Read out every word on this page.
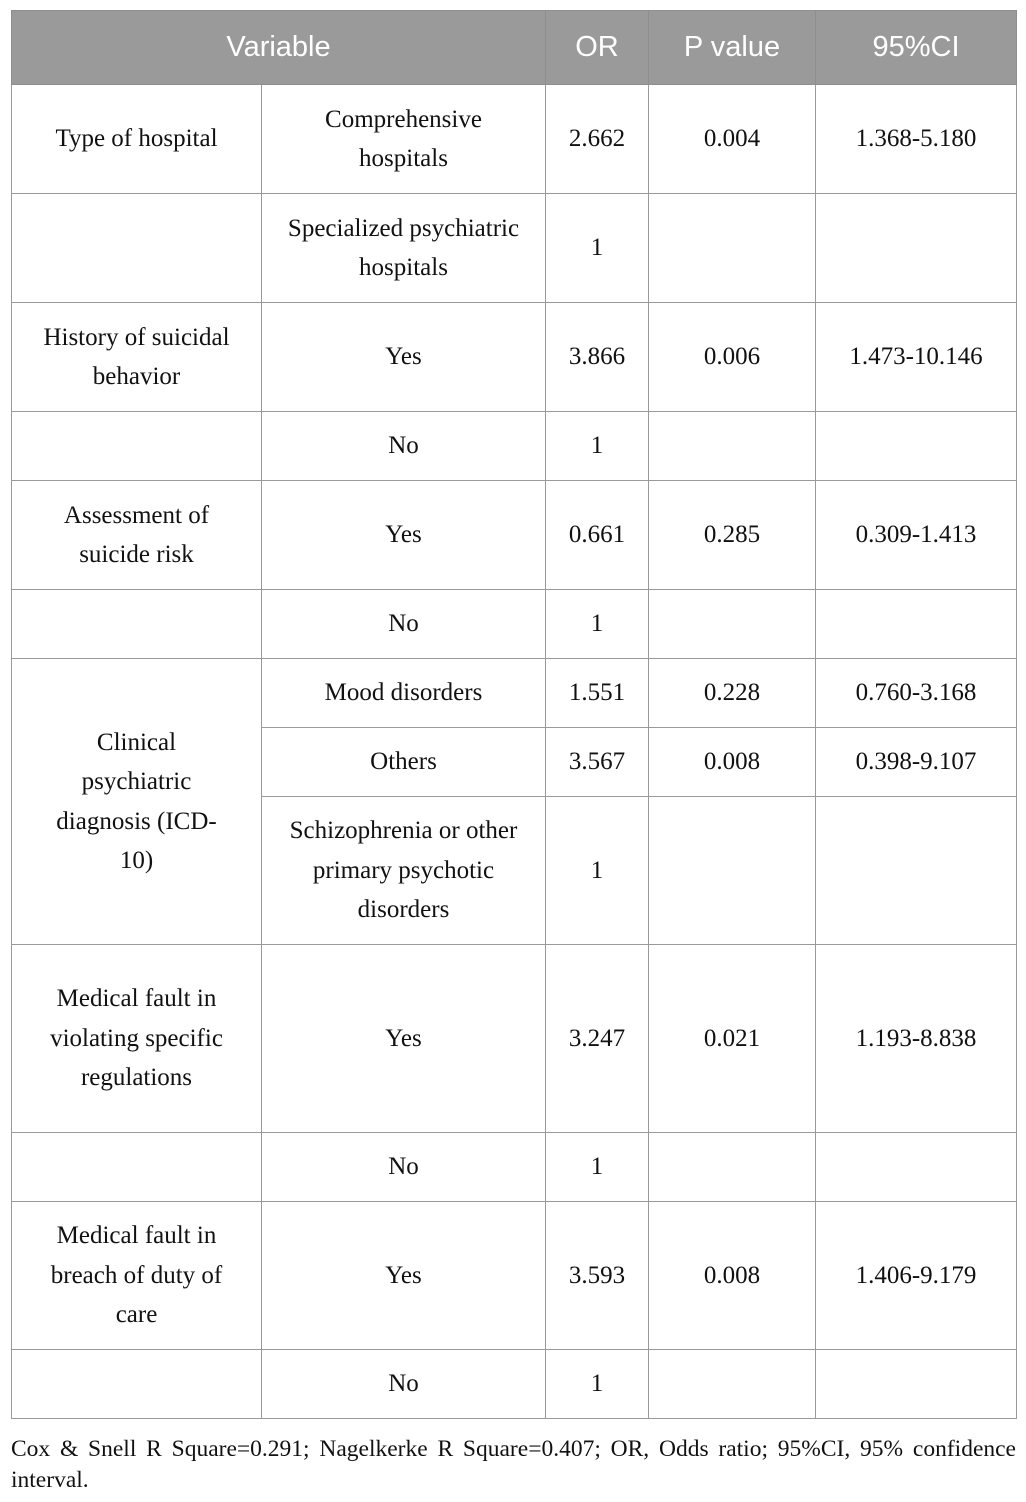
Variable		OR	P value	95%CI
Type of hospital	Comprehensive hospitals	2.662	0.004	1.368-5.180
	Specialized psychiatric hospitals	1		
History of suicidal behavior	Yes	3.866	0.006	1.473-10.146
	No	1		
Assessment of suicide risk	Yes	0.661	0.285	0.309-1.413
	No	1		
Clinical psychiatric diagnosis (ICD-10)	Mood disorders	1.551	0.228	0.760-3.168
	Others	3.567	0.008	0.398-9.107
	Schizophrenia or other primary psychotic disorders	1		
Medical fault in violating specific regulations	Yes	3.247	0.021	1.193-8.838
	No	1		
Medical fault in breach of duty of care	Yes	3.593	0.008	1.406-9.179
	No	1		

Cox & Snell R Square=0.291; Nagelkerke R Square=0.407; OR, Odds ratio; 95%CI, 95% confidence interval.
